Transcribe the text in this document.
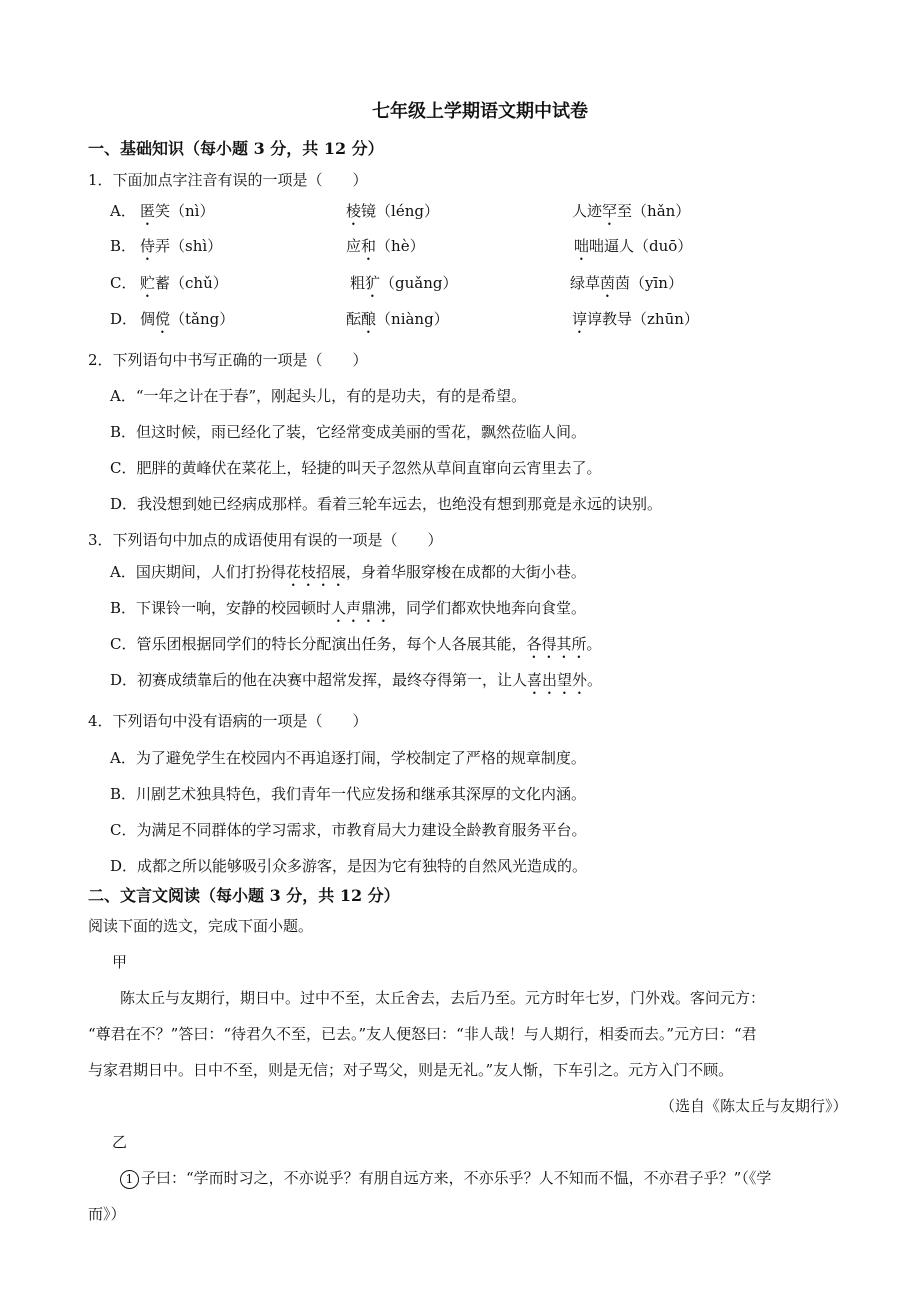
七年级上学期语文期中试卷
一、基础知识（每小题 3 分，共 12 分）
1．下面加点字注音有误的一项是（　　）
A． 匿笑（nì）	棱镜（léng）	人迹罕至（hǎn）
B． 侍弄（shì）	应和（hè）	咄咄逼人（duō）
C． 贮蓄（chǔ）	粗犷（guǎng）	绿草茵茵（yīn）
D． 倜傥（tǎng）	酝酿（niàng）	谆谆教导（zhūn）
2．下列语句中书写正确的一项是（　　）
A．“一年之计在于春”，刚起头儿，有的是功夫，有的是希望。
B．但这时候，雨已经化了装，它经常变成美丽的雪花，飘然莅临人间。
C．肥胖的黄峰伏在菜花上，轻捷的叫天子忽然从草间直窜向云宵里去了。
D．我没想到她已经病成那样。看着三轮车远去，也绝没有想到那竟是永远的诀别。
3．下列语句中加点的成语使用有误的一项是（　　）
A．国庆期间，人们打扮得花枝招展，身着华服穿梭在成都的大街小巷。
B．下课铃一响，安静的校园顿时人声鼎沸，同学们都欢快地奔向食堂。
C．管乐团根据同学们的特长分配演出任务，每个人各展其能，各得其所。
D．初赛成绩靠后的他在决赛中超常发挥，最终夺得第一，让人喜出望外。
4．下列语句中没有语病的一项是（　　）
A．为了避免学生在校园内不再追逐打闹，学校制定了严格的规章制度。
B．川剧艺术独具特色，我们青年一代应发扬和继承其深厚的文化内涵。
C．为满足不同群体的学习需求，市教育局大力建设全龄教育服务平台。
D．成都之所以能够吸引众多游客，是因为它有独特的自然风光造成的。
二、文言文阅读（每小题 3 分，共 12 分）
阅读下面的选文，完成下面小题。
甲
陈太丘与友期行，期日中。过中不至，太丘舍去，去后乃至。元方时年七岁，门外戏。客问元方：
“尊君在不？”答曰：“待君久不至，已去。”友人便怒曰：“非人哉！与人期行，相委而去。”元方曰：“君
与家君期日中。日中不至，则是无信；对子骂父，则是无礼。”友人惭，下车引之。元方入门不顾。
（选自《陈太丘与友期行》）
乙
1 子曰：“学而时习之，不亦说乎？有朋自远方来，不亦乐乎？人不知而不愠，不亦君子乎？”（《学
而》）
